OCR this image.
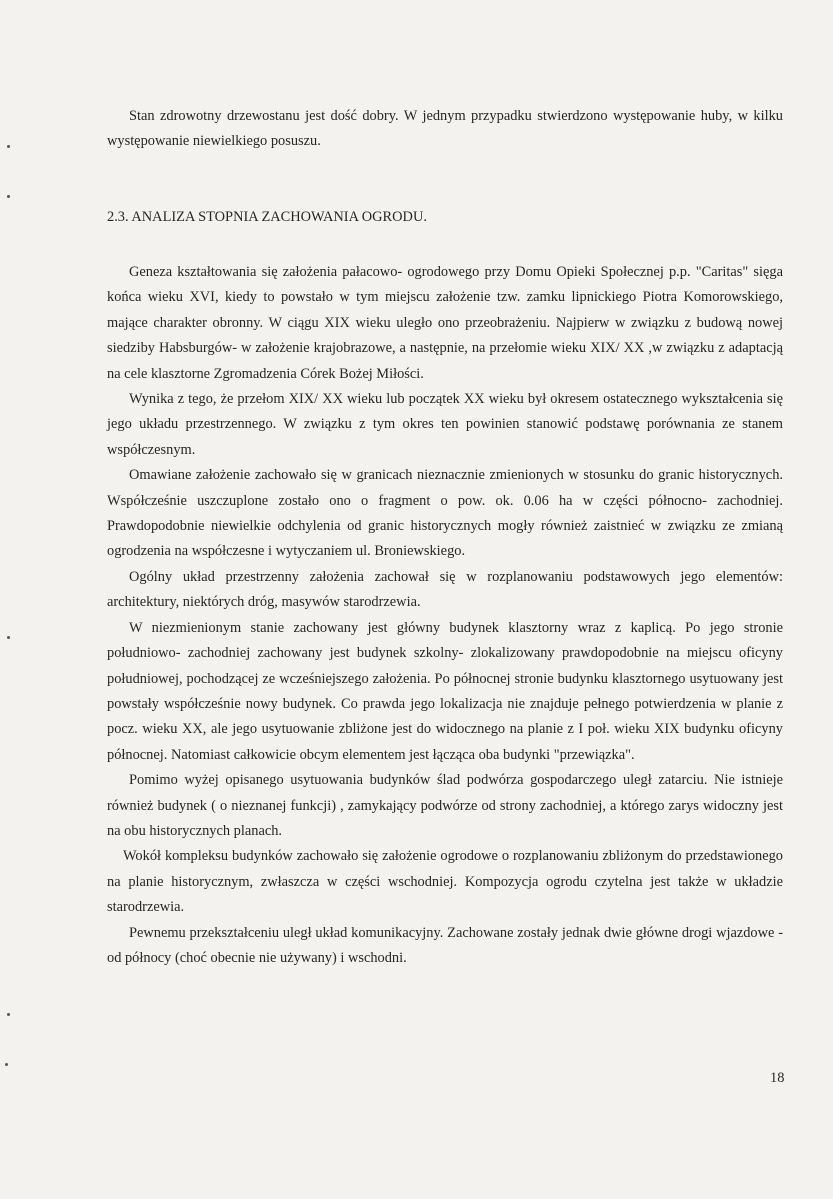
Stan zdrowotny drzewostanu jest dość dobry. W jednym przypadku stwierdzono występowanie huby, w kilku występowanie niewielkiego posuszu.

2.3. ANALIZA STOPNIA ZACHOWANIA OGRODU.

Geneza kształtowania się założenia pałacowo- ogrodowego przy Domu Opieki Społecznej p.p. "Caritas" sięga końca wieku XVI, kiedy to powstało w tym miejscu założenie tzw. zamku lipnickiego Piotra Komorowskiego, mające charakter obronny. W ciągu XIX wieku uległo ono przeobrażeniu. Najpierw w związku z budową nowej siedziby Habsburgów- w założenie krajobrazowe, a następnie, na przełomie wieku XIX/ XX ,w związku z adaptacją na cele klasztorne Zgromadzenia Córek Bożej Miłości.

Wynika z tego, że przełom XIX/ XX wieku lub początek XX wieku był okresem ostatecznego wykształcenia się jego układu przestrzennego. W związku z tym okres ten powinien stanowić podstawę porównania ze stanem współczesnym.

Omawiane założenie zachowało się w granicach nieznacznie zmienionych w stosunku do granic historycznych. Współcześnie uszczuplone zostało ono o fragment o pow. ok. 0.06 ha w części północno- zachodniej. Prawdopodobnie niewielkie odchylenia od granic historycznych mogły również zaistnieć w związku ze zmianą ogrodzenia na współczesne i wytyczaniem ul. Broniewskiego.

Ogólny układ przestrzenny założenia zachował się w rozplanowaniu podstawowych jego elementów: architektury, niektórych dróg, masywów starodrzewia.

W niezmienionym stanie zachowany jest główny budynek klasztorny wraz z kaplicą. Po jego stronie południowo- zachodniej zachowany jest budynek szkolny- zlokalizowany prawdopodobnie na miejscu oficyny południowej, pochodzącej ze wcześniejszego założenia. Po północnej stronie budynku klasztornego usytuowany jest powstały współcześnie nowy budynek. Co prawda jego lokalizacja nie znajduje pełnego potwierdzenia w planie z pocz. wieku XX, ale jego usytuowanie zbliżone jest do widocznego na planie z I poł. wieku XIX budynku oficyny północnej. Natomiast całkowicie obcym elementem jest łącząca oba budynki "przewiązka".

Pomimo wyżej opisanego usytuowania budynków ślad podwórza gospodarczego uległ zatarciu. Nie istnieje również budynek ( o nieznanej funkcji) , zamykający podwórze od strony zachodniej, a którego zarys widoczny jest na obu historycznych planach.

Wokół kompleksu budynków zachowało się założenie ogrodowe o rozplanowaniu zbliżonym do przedstawionego na planie historycznym, zwłaszcza w części wschodniej. Kompozycja ogrodu czytelna jest także w układzie starodrzewia.

Pewnemu przekształceniu uległ układ komunikacyjny. Zachowane zostały jednak dwie główne drogi wjazdowe - od północy (choć obecnie nie używany) i wschodni.

18
